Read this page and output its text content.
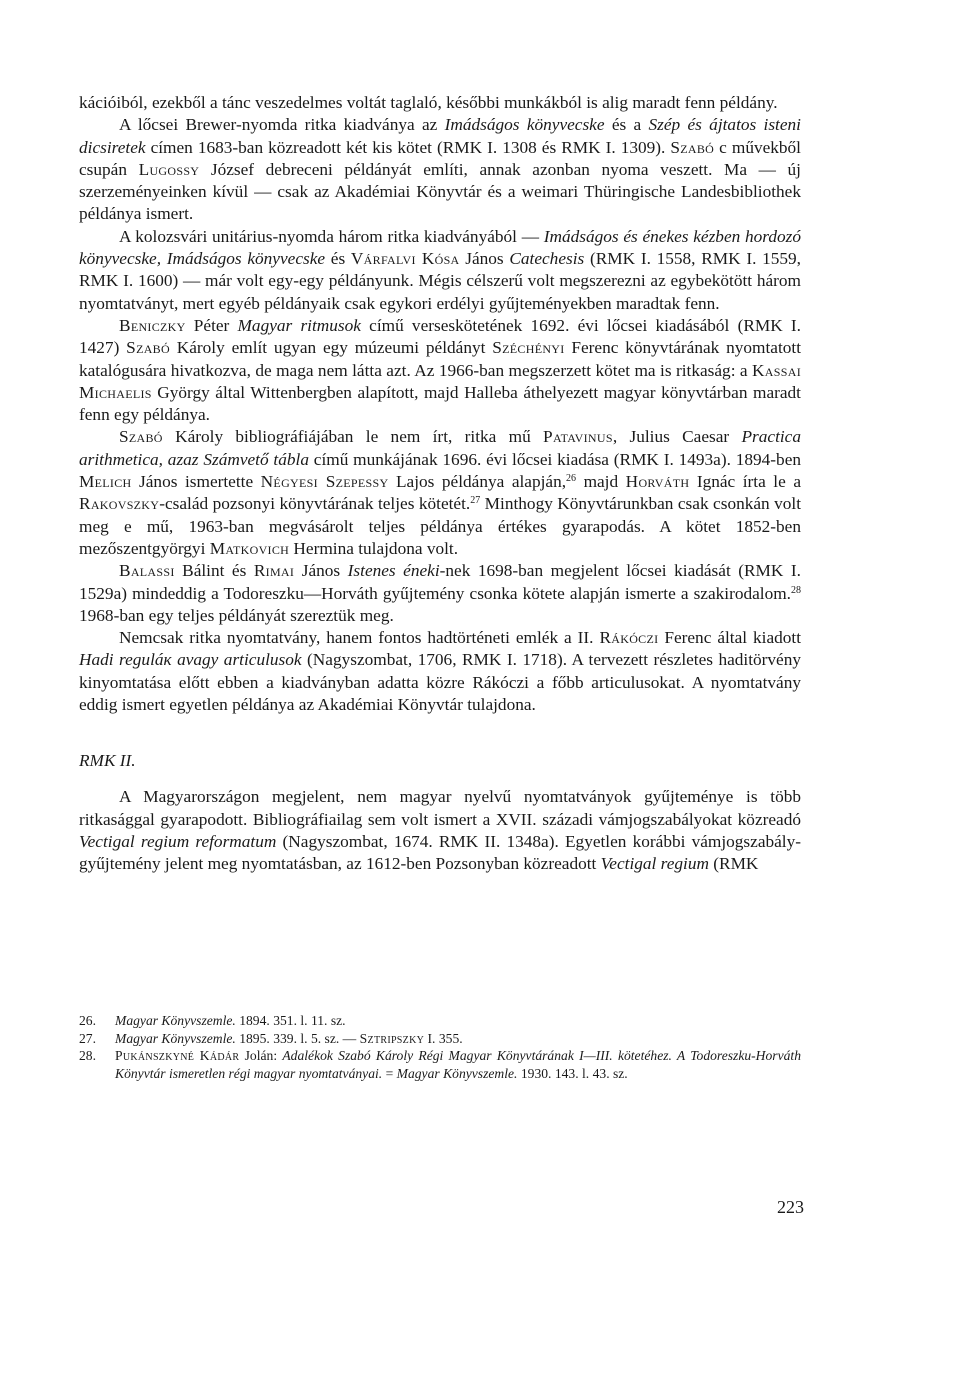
kációiból, ezekből a tánc veszedelmes voltát taglaló, későbbi munkákból is alig maradt fenn példány.

A lőcsei Brewer-nyomda ritka kiadványa az Imádságos könyvecske és a Szép és ájtatos isteni dicsiretek címen 1683-ban közreadott két kis kötet (RMK I. 1308 és RMK I. 1309). Szabó c művekből csupán Lugossy József debreceni példányát említi, annak azonban nyoma veszett. Ma — új szerzeményeinken kívül — csak az Akadémiai Könyvtár és a weimari Thüringische Landesbibliothek példánya ismert.

A kolozsvári unitárius-nyomda három ritka kiadványából — Imádságos és énekes kézben hordozó könyvecske, Imádságos könyvecske és Várfalvi Kósa János Catechesis (RMK I. 1558, RMK I. 1559, RMK I. 1600) — már volt egy-egy példányunk. Mégis célszerű volt megszerezni az egybekötött három nyomtatványt, mert egyéb példányaik csak egykori erdélyi gyűjteményekben maradtak fenn.

Beniczky Péter Magyar ritmusok című verseskötetének 1692. évi lőcsei kiadásából (RMK I. 1427) Szabó Károly említ ugyan egy múzeumi példányt Széchényi Ferenc könyvtárának nyomtatott katalógusára hivatkozva, de maga nem látta azt. Az 1966-ban megszerzett kötet ma is ritkaság: a Kassai Michaelis György által Wittenbergben alapított, majd Halleba áthelyezett magyar könyvtárban maradt fenn egy példánya.

Szabó Károly bibliográfiájában le nem írt, ritka mű Patavinus, Julius Caesar Practica arithmetica, azaz Számvető tábla című munkájának 1696. évi lőcsei kiadása (RMK I. 1493a). 1894-ben Melich János ismertette Négyesi Szepessy Lajos példánya alapján,$^{26}$ majd Horváth Ignác írta le a Rakovszky-család pozsonyi könyvtárának teljes kötetét.$^{27}$ Minthogy Könyvtárunkban csak csonkán volt meg e mű, 1963-ban megvásárolt teljes példánya értékes gyarapodás. A kötet 1852-ben mezőszentgyörgyi Matkovich Hermina tulajdona volt.

Balassi Bálint és Rimai János Istenes éneki-nek 1698-ban megjelent lőcsei kiadását (RMK I. 1529a) mindeddig a Todoreszku—Horváth gyűjtemény csonka kötete alapján ismerte a szakirodalom.$^{28}$ 1968-ban egy teljes példányát szereztük meg.

Nemcsak ritka nyomtatvány, hanem fontos hadtörténeti emlék a II. Rákóczi Ferenc által kiadott Hadi reguláк avagy articulusok (Nagyszombat, 1706, RMK I. 1718). A tervezett részletes haditörvény kinyomtatása előtt ebben a kiadványban adatta közre Rákóczi a főbb articulusokat. A nyomtatvány eddig ismert egyetlen példánya az Akadémiai Könyvtár tulajdona.

RMK II.

A Magyarországon megjelent, nem magyar nyelvű nyomtatványok gyűjteménye is több ritkasággal gyarapodott. Bibliográfiailag sem volt ismert a XVII. századi vámjogszabályokat közreadó Vectigal regium reformatum (Nagyszombat, 1674. RMK II. 1348a). Egyetlen korábbi vámjogszabály-gyűjtemény jelent meg nyomtatásban, az 1612-ben Pozsonyban közreadott Vectigal regium (RMK

26.	Magyar Könyvszemle. 1894. 351. l. 11. sz.
27.	Magyar Könyvszemle. 1895. 339. l. 5. sz. — Sztripszky I. 355.
28.	Pukánszkyné Kádár Jolán: Adalékok Szabó Károly Régi Magyar Könyvtárának I—III. kötetéhez. A Todoreszku-Horváth Könyvtár ismeretlen régi magyar nyomtatványai. = Magyar Könyvszemle. 1930. 143. l. 43. sz.
223
